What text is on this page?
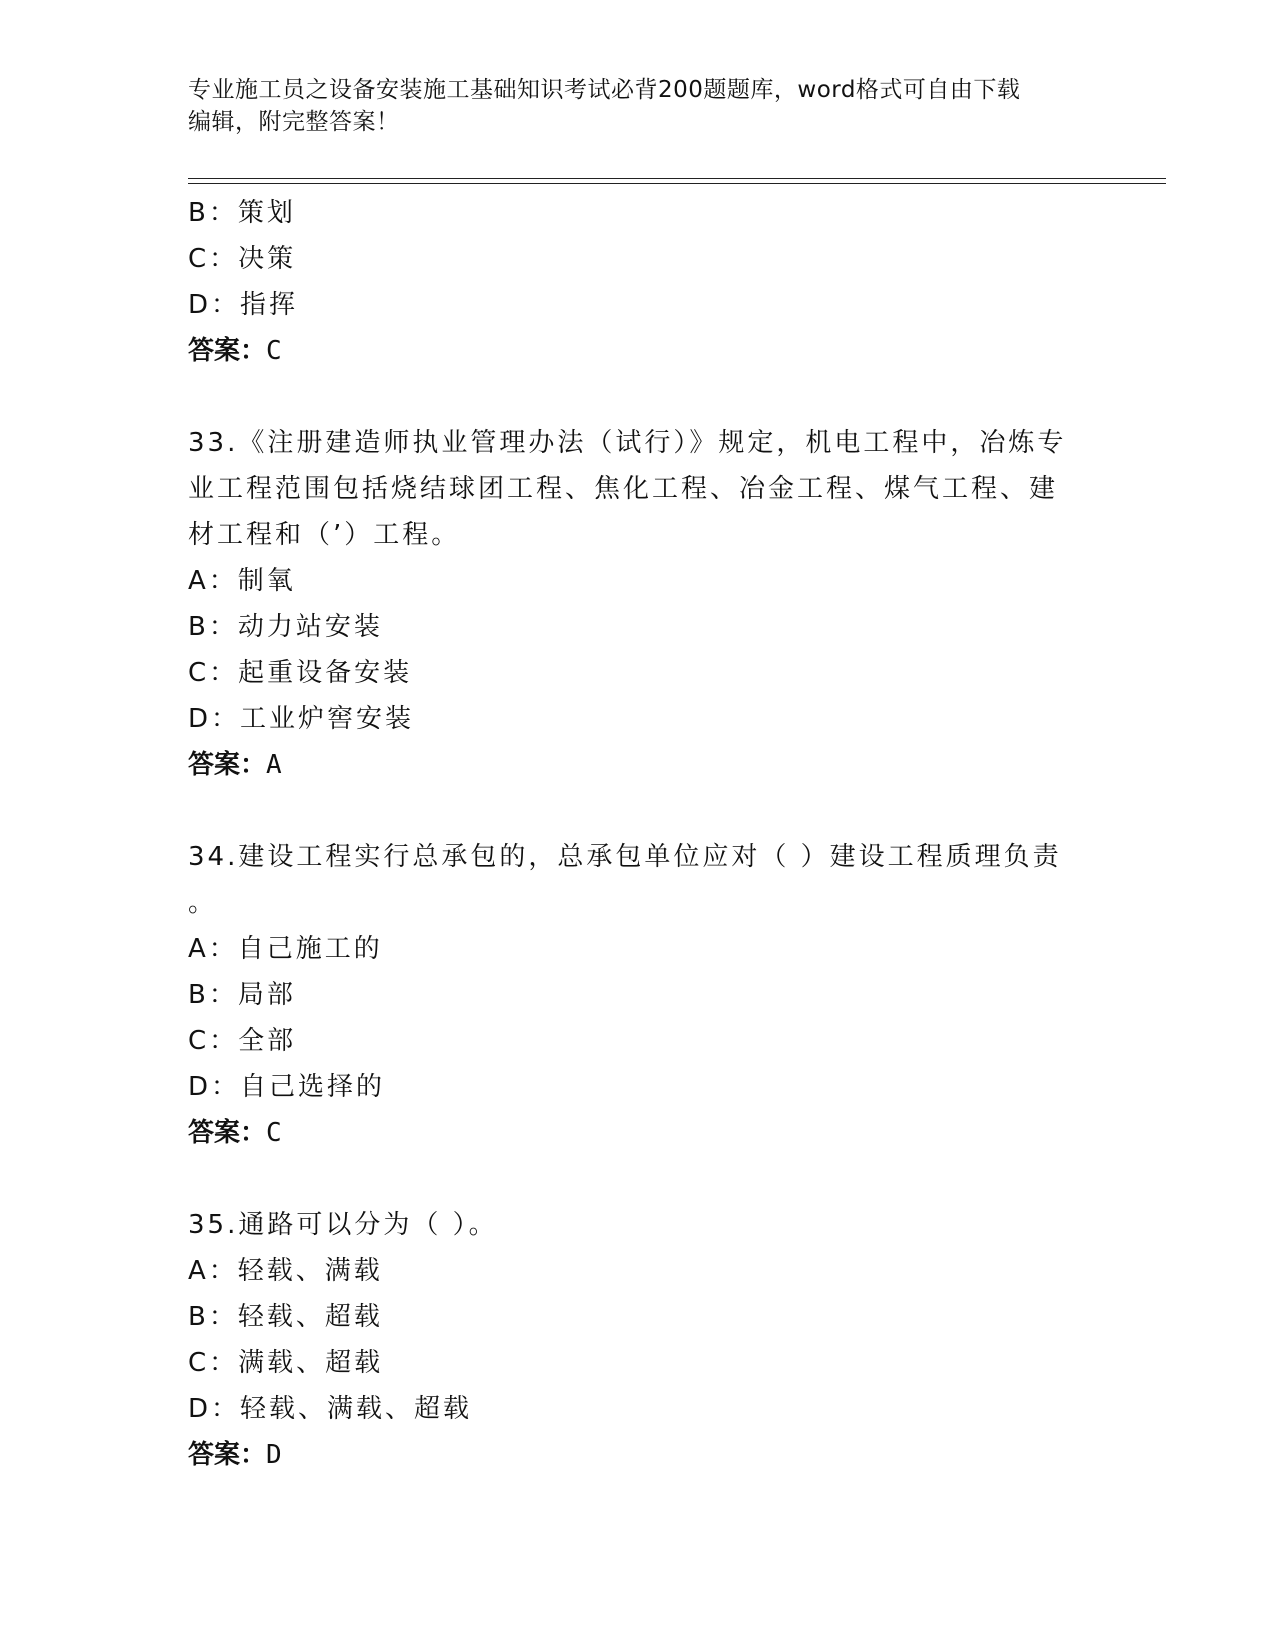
专业施工员之设备安装施工基础知识考试必背200题题库，word格式可自由下载
编辑，附完整答案！
B：策划
C：决策
D：指挥
答案：C
33.《注册建造师执业管理办法（试行）》规定，机电工程中，冶炼专
业工程范围包括烧结球团工程、焦化工程、冶金工程、煤气工程、建
材工程和（’）工程。
A：制氧
B：动力站安装
C：起重设备安装
D：工业炉窖安装
答案：A
34.建设工程实行总承包的，总承包单位应对（ ）建设工程质理负责
。
A：自己施工的
B：局部
C：全部
D：自己选择的
答案：C
35.通路可以分为（ ）。
A：轻载、满载
B：轻载、超载
C：满载、超载
D：轻载、满载、超载
答案：D
